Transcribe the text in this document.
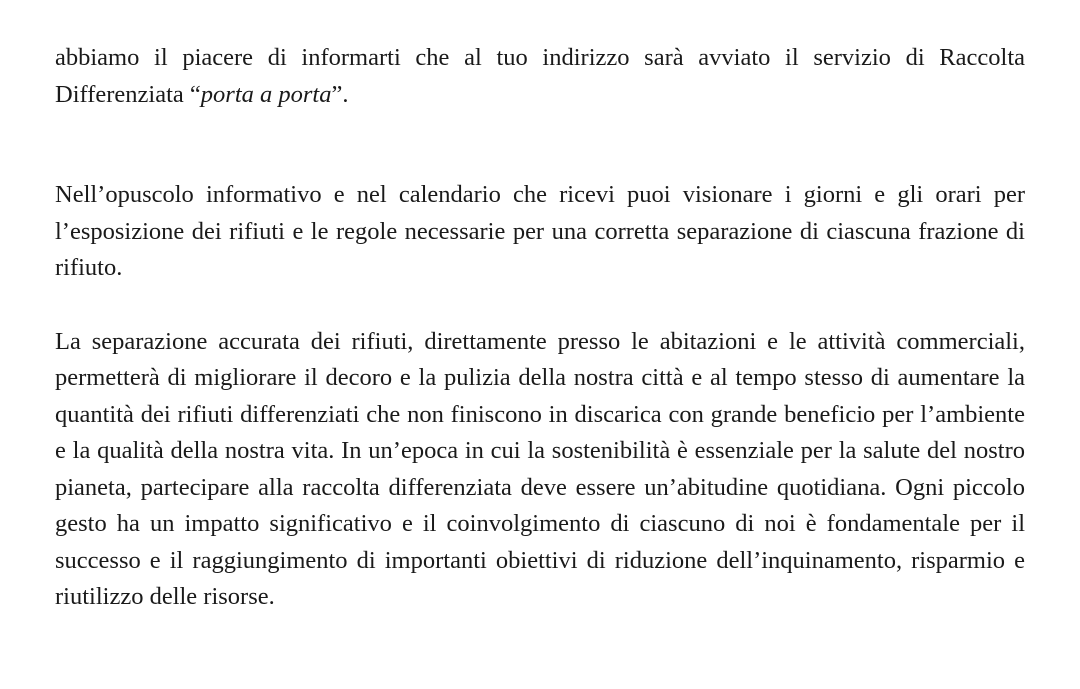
abbiamo il piacere di informarti che al tuo indirizzo sarà avviato il servizio di Raccolta Differenziata “porta a porta”.

Nell’opuscolo informativo e nel calendario che ricevi puoi visionare i giorni e gli orari per l’esposizione dei rifiuti e le regole necessarie per una corretta separazione di ciascuna frazione di rifiuto.

La separazione accurata dei rifiuti, direttamente presso le abitazioni e le attività commerciali, permetterà di migliorare il decoro e la pulizia della nostra città e al tempo stesso di aumentare la quantità dei rifiuti differenziati che non finiscono in discarica con grande beneficio per l’ambiente e la qualità della nostra vita. In un’epoca in cui la sostenibilità è essenziale per la salute del nostro pianeta, partecipare alla raccolta differenziata deve essere un’abitudine quotidiana. Ogni piccolo gesto ha un impatto significativo e il coinvolgimento di ciascuno di noi è fondamentale per il successo e il raggiungimento di importanti obiettivi di riduzione dell’inquinamento, risparmio e riutilizzo delle risorse.
